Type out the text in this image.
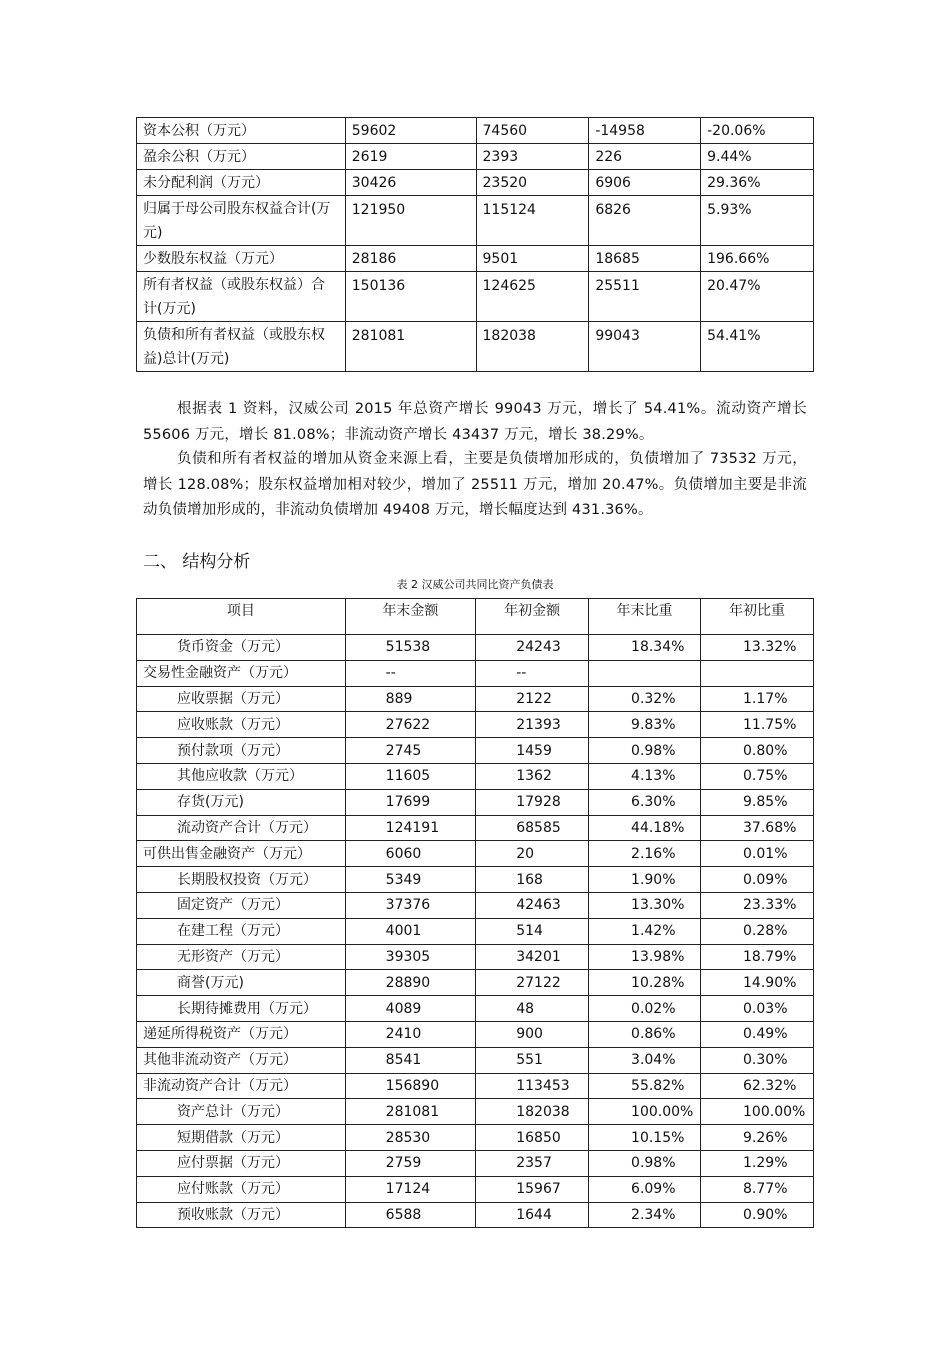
资本公积（万元）	59602	74560	-14958	-20.06%
盈余公积（万元）	2619	2393	226	9.44%
未分配利润（万元）	30426	23520	6906	29.36%
归属于母公司股东权益合计(万元)	121950	115124	6826	5.93%
少数股东权益（万元）	28186	9501	18685	196.66%
所有者权益（或股东权益）合计(万元)	150136	124625	25511	20.47%
负债和所有者权益（或股东权益)总计(万元)	281081	182038	99043	54.41%

根据表 1 资料，汉威公司 2015 年总资产增长 99043 万元，增长了 54.41%。流动资产增长 55606 万元，增长 81.08%；非流动资产增长 43437 万元，增长 38.29%。

负债和所有者权益的增加从资金来源上看，主要是负债增加形成的，负债增加了 73532 万元，增长 128.08%；股东权益增加相对较少，增加了 25511 万元，增加 20.47%。负债增加主要是非流动负债增加形成的，非流动负债增加 49408 万元，增长幅度达到 431.36%。

二、 结构分析
表 2 汉威公司共同比资产负债表
项目	年末金额	年初金额	年末比重	年初比重
货币资金（万元）	51538	24243	18.34%	13.32%
交易性金融资产（万元）	--	--		
应收票据（万元）	889	2122	0.32%	1.17%
应收账款（万元）	27622	21393	9.83%	11.75%
预付款项（万元）	2745	1459	0.98%	0.80%
其他应收款（万元）	11605	1362	4.13%	0.75%
存货(万元)	17699	17928	6.30%	9.85%
流动资产合计（万元）	124191	68585	44.18%	37.68%
可供出售金融资产（万元）	6060	20	2.16%	0.01%
长期股权投资（万元）	5349	168	1.90%	0.09%
固定资产（万元）	37376	42463	13.30%	23.33%
在建工程（万元）	4001	514	1.42%	0.28%
无形资产（万元）	39305	34201	13.98%	18.79%
商誉(万元)	28890	27122	10.28%	14.90%
长期待摊费用（万元）	4089	48	0.02%	0.03%
递延所得税资产（万元）	2410	900	0.86%	0.49%
其他非流动资产（万元）	8541	551	3.04%	0.30%
非流动资产合计（万元）	156890	113453	55.82%	62.32%
资产总计（万元）	281081	182038	100.00%	100.00%
短期借款（万元）	28530	16850	10.15%	9.26%
应付票据（万元）	2759	2357	0.98%	1.29%
应付账款（万元）	17124	15967	6.09%	8.77%
预收账款（万元）	6588	1644	2.34%	0.90%
